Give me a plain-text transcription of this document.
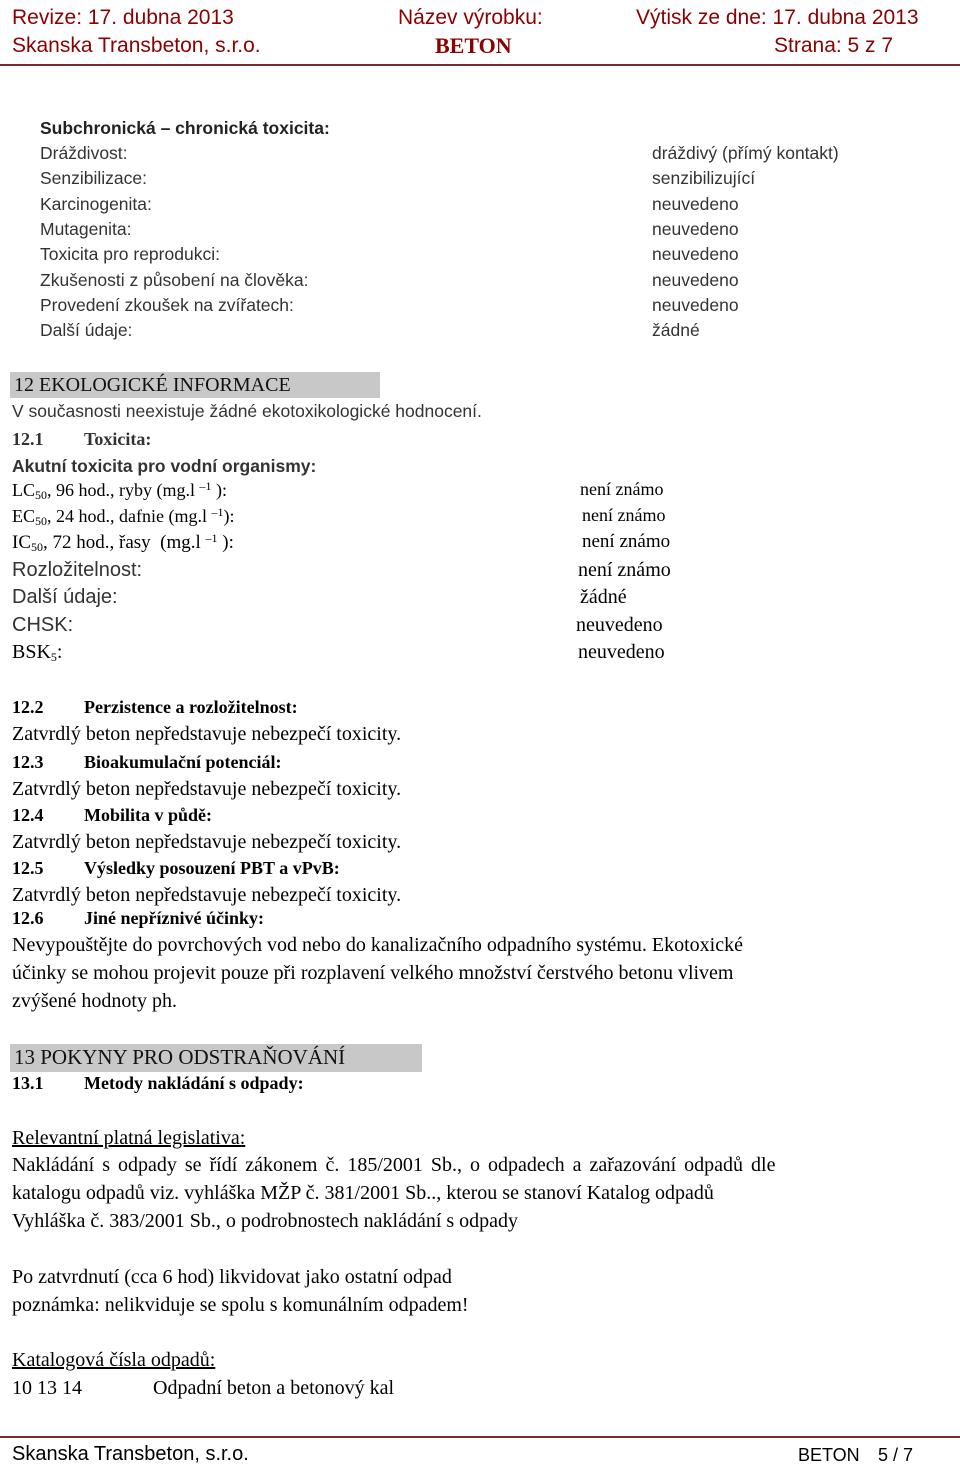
Revize: 17. dubna 2013	Název výrobku:	Výtisk ze dne: 17. dubna 2013
Skanska Transbeton, s.r.o.	BETON	Strana: 5 z 7
Subchronická – chronická toxicita:
Dráždivost:	dráždivý (přímý kontakt)
Senzibilizace:	senzibilizující
Karcinogenita:	neuvedeno
Mutagenita:	neuvedeno
Toxicita pro reprodukci:	neuvedeno
Zkušenosti z působení na člověka:	neuvedeno
Provedení zkoušek na zvířatech:	neuvedeno
Další údaje:	žádné
12 EKOLOGICKÉ INFORMACE
V současnosti neexistuje žádné ekotoxikologické hodnocení.
12.1 Toxicita:
Akutní toxicita pro vodní organismy:
$LC_{50}$, 96 hod., ryby (mg.l $^{-1}$ ):	není známo
$EC_{50}$, 24 hod., dafnie (mg.l $^{-1}$):	není známo
$IC_{50}$, 72 hod., řasy  (mg.l $^{-1}$ ):	není známo
Rozložitelnost:	není známo
Další údaje:	žádné
CHSK:	neuvedeno
$BSK_5$:	neuvedeno
12.2 Perzistence a rozložitelnost:
Zatvrdlý beton nepředstavuje nebezpečí toxicity.
12.3 Bioakumulační potenciál:
Zatvrdlý beton nepředstavuje nebezpečí toxicity.
12.4 Mobilita v půdě:
Zatvrdlý beton nepředstavuje nebezpečí toxicity.
12.5 Výsledky posouzení PBT a vPvB:
Zatvrdlý beton nepředstavuje nebezpečí toxicity.
12.6 Jiné nepříznivé účinky:
Nevypouštějte do povrchových vod nebo do kanalizačního odpadního systému. Ekotoxické
účinky se mohou projevit pouze při rozplavení velkého množství čerstvého betonu vlivem
zvýšené hodnoty ph.
13 POKYNY PRO ODSTRAŇOVÁNÍ
13.1 Metody nakládání s odpady:
Relevantní platná legislativa:
Nakládání s odpady se řídí zákonem č. 185/2001 Sb., o odpadech a zařazování odpadů dle
katalogu odpadů viz. vyhláška MŽP č. 381/2001 Sb.., kterou se stanoví Katalog odpadů
Vyhláška č. 383/2001 Sb., o podrobnostech nakládání s odpady
Po zatvrdnutí (cca 6 hod) likvidovat jako ostatní odpad
poznámka: nelikviduje se spolu s komunálním odpadem!
Katalogová čísla odpadů:
10 13 14	Odpadní beton a betonový kal
Skanska Transbeton, s.r.o.	BETON 5 / 7
